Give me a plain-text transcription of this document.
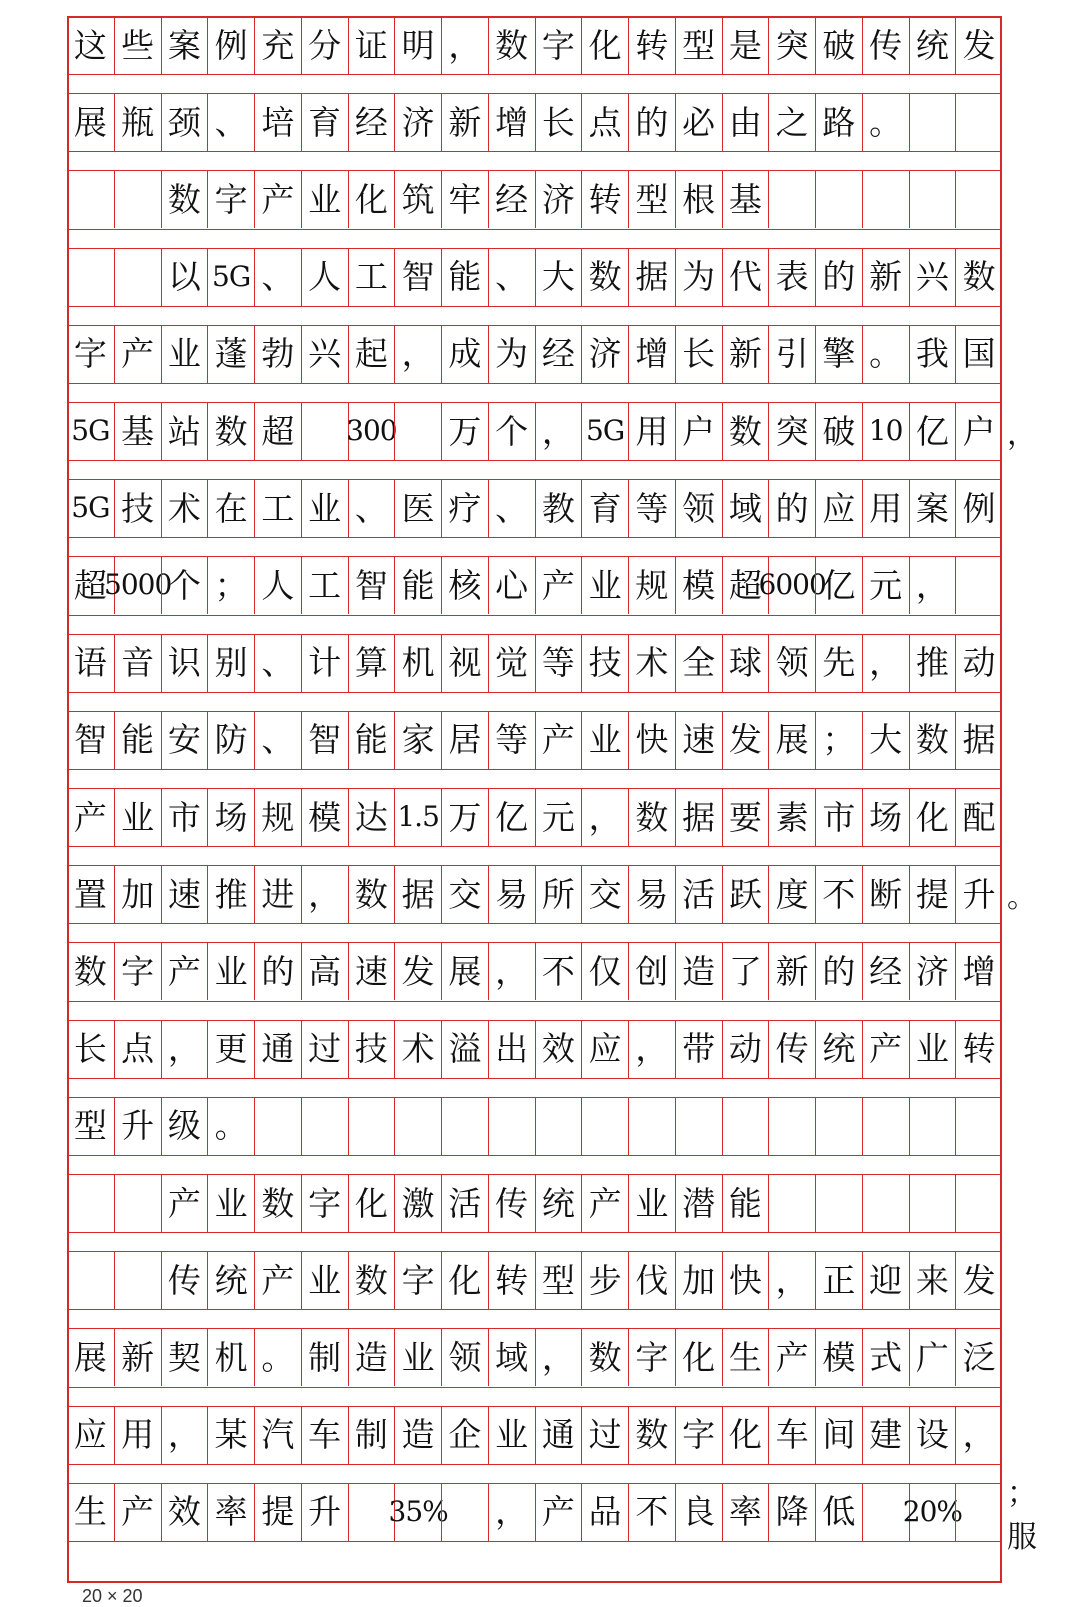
这 些 案 例 充 分 证 明 ， 数 字 化 转 型 是 突 破 传 统 发
展 瓶 颈 、 培 育 经 济 新 增 长 点 的 必 由 之 路 。
数 字 产 业 化 筑 牢 经 济 转 型 根 基
以 5G 、 人 工 智 能 、 大 数 据 为 代 表 的 新 兴 数
字 产 业 蓬 勃 兴 起 ， 成 为 经 济 增 长 新 引 擎 。 我 国
5G 基 站 数 超 300 万 个 ， 5G 用 户 数 突 破 10 亿 户 ，
5G 技 术 在 工 业 、 医 疗 、 教 育 等 领 域 的 应 用 案 例
超
5000
个 ； 人 工 智 能 核 心 产 业 规 模 超
6000
亿 元 ，
语 音 识 别 、 计 算 机 视 觉 等 技 术 全 球 领 先 ， 推 动
智 能 安 防 、 智 能 家 居 等 产 业 快 速 发 展 ； 大 数 据
产 业 市 场 规 模 达 1.5 万 亿 元 ， 数 据 要 素 市 场 化 配
置 加 速 推 进 ， 数 据 交 易 所 交 易 活 跃 度 不 断 提 升 。
数 字 产 业 的 高 速 发 展 ， 不 仅 创 造 了 新 的 经 济 增
长 点 ， 更 通 过 技 术 溢 出 效 应 ， 带 动 传 统 产 业 转
型 升 级 。
产 业 数 字 化 激 活 传 统 产 业 潜 能
传 统 产 业 数 字 化 转 型 步 伐 加 快 ， 正 迎 来 发
展 新 契 机 。 制 造 业 领 域 ， 数 字 化 生 产 模 式 广 泛
应 用 ， 某 汽 车 制 造 企 业 通 过 数 字 化 车 间 建 设 ，
生 产 效 率 提 升 35% ， 产 品 不 良 率 降 低 20%
；服
20 × 20
